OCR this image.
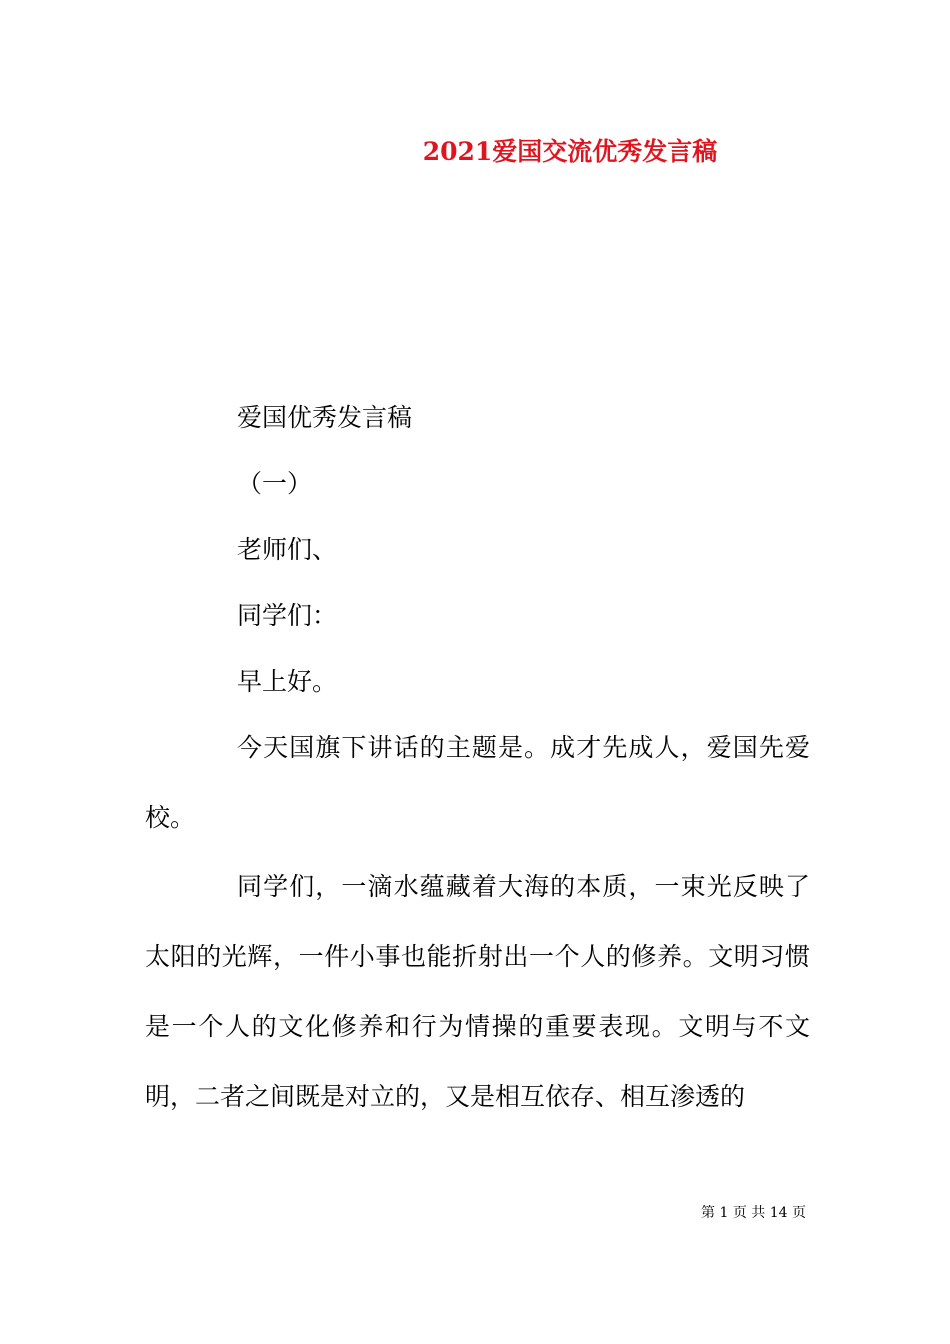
2021爱国交流优秀发言稿
爱国优秀发言稿
（一）
老师们、
同学们：
早上好。
今天国旗下讲话的主题是。成才先成人，爱国先爱校。
同学们，一滴水蕴藏着大海的本质，一束光反映了太阳的光辉，一件小事也能折射出一个人的修养。文明习惯是一个人的文化修养和行为情操的重要表现。文明与不文明，二者之间既是对立的，又是相互依存、相互渗透的
第 1 页 共 14 页
